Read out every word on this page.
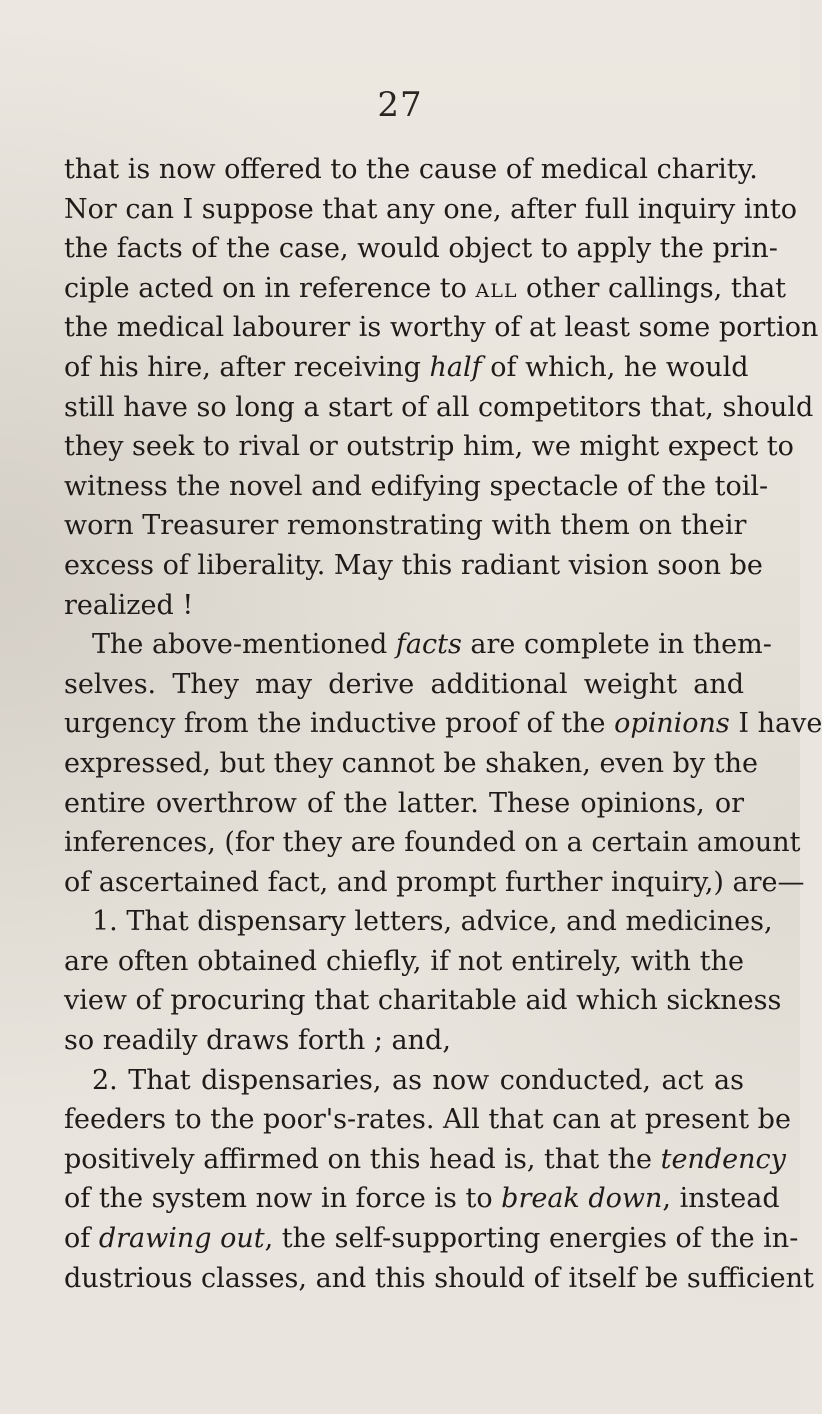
27
that is now offered to the cause of medical charity.
Nor can I suppose that any one, after full inquiry into
the facts of the case, would object to apply the prin-
ciple acted on in reference to all other callings, that
the medical labourer is worthy of at least some portion
of his hire, after receiving half of which, he would
still have so long a start of all competitors that, should
they seek to rival or outstrip him, we might expect to
witness the novel and edifying spectacle of the toil-
worn Treasurer remonstrating with them on their
excess of liberality. May this radiant vision soon be
realized !
The above-mentioned facts are complete in them-
selves. They may derive additional weight and
urgency from the inductive proof of the opinions I have
expressed, but they cannot be shaken, even by the
entire overthrow of the latter. These opinions, or
inferences, (for they are founded on a certain amount
of ascertained fact, and prompt further inquiry,) are—
1. That dispensary letters, advice, and medicines,
are often obtained chiefly, if not entirely, with the
view of procuring that charitable aid which sickness
so readily draws forth ; and,
2. That dispensaries, as now conducted, act as
feeders to the poor's-rates. All that can at present be
positively affirmed on this head is, that the tendency
of the system now in force is to break down, instead
of drawing out, the self-supporting energies of the in-
dustrious classes, and this should of itself be sufficient
